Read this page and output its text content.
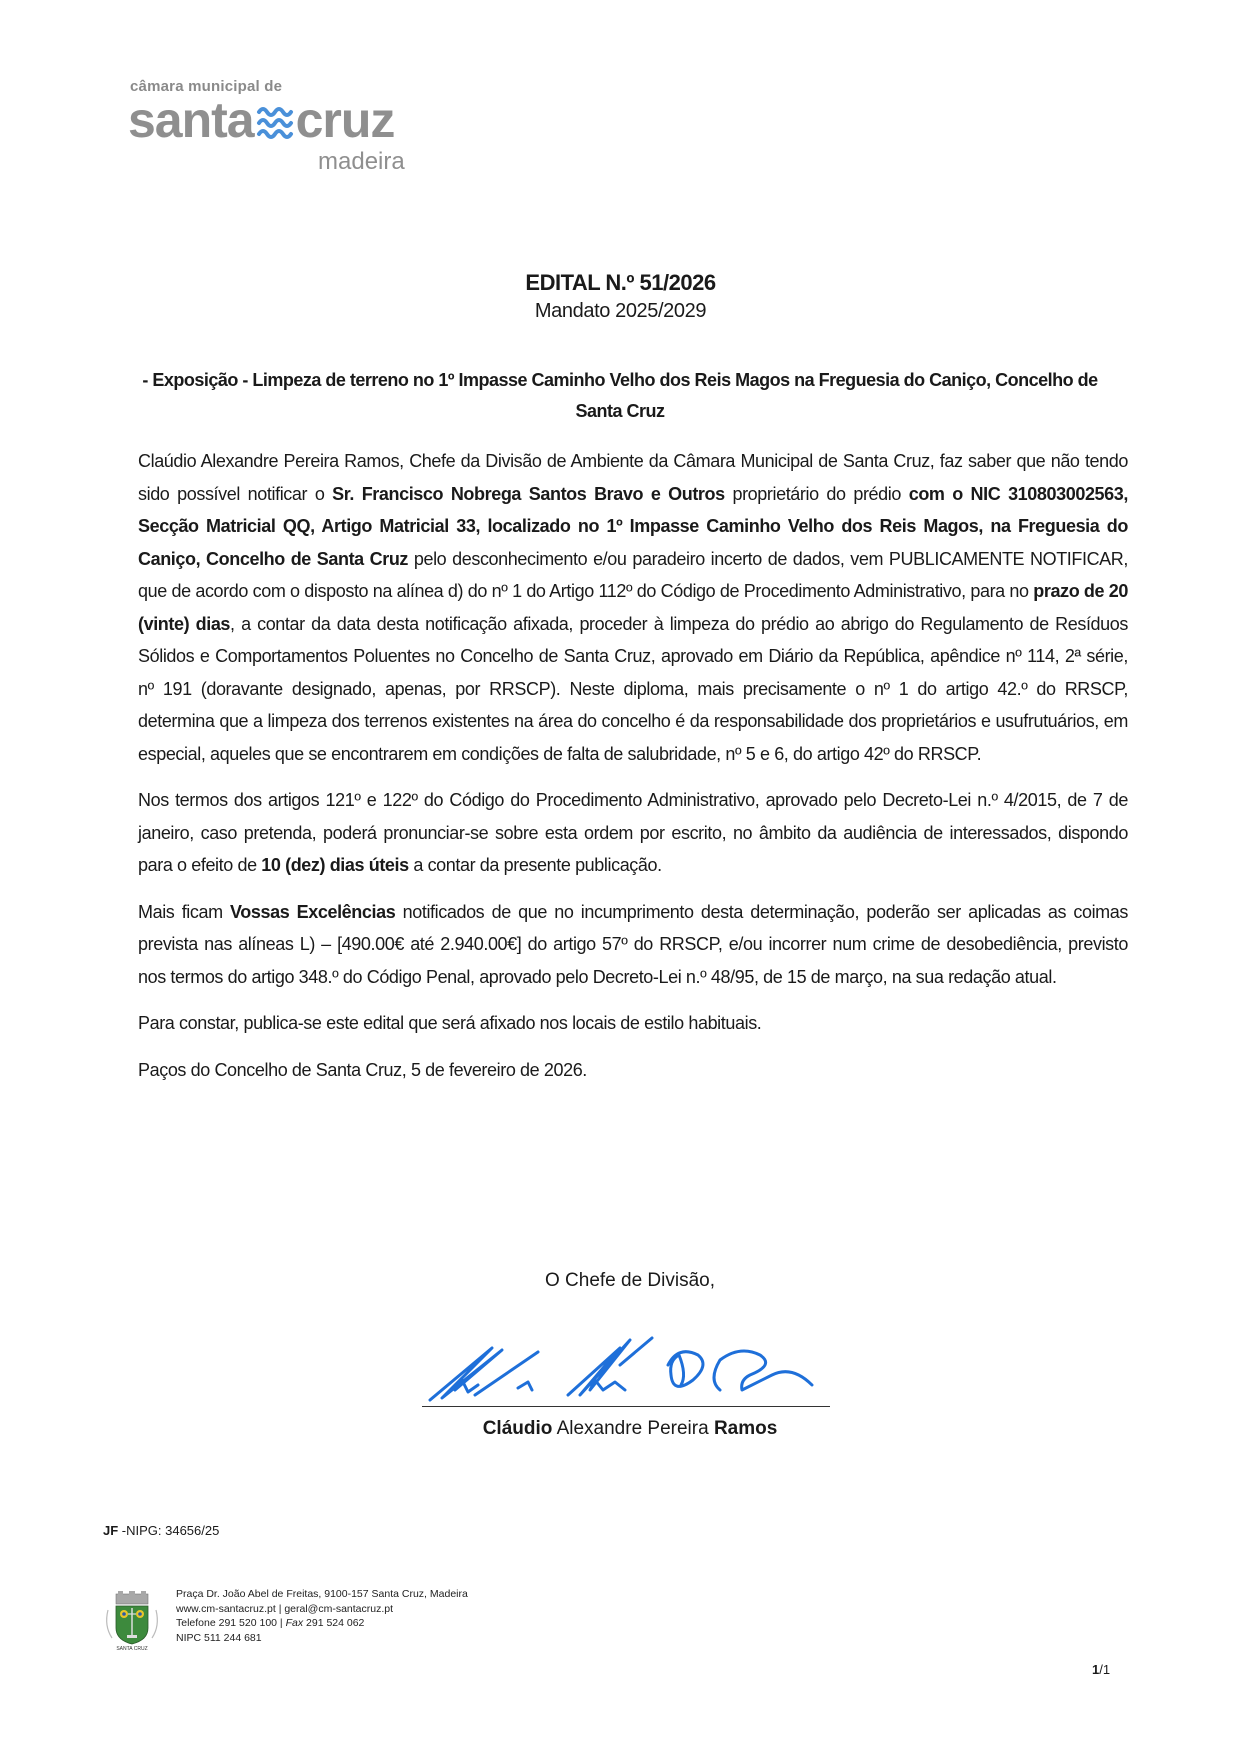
câmara municipal de
santa cruz
madeira
EDITAL N.º 51/2026
Mandato 2025/2029
- Exposição - Limpeza de terreno no 1º Impasse Caminho Velho dos Reis Magos na Freguesia do Caniço, Concelho de Santa Cruz

Claúdio Alexandre Pereira Ramos, Chefe da Divisão de Ambiente da Câmara Municipal de Santa Cruz, faz saber que não tendo sido possível notificar o Sr. Francisco Nobrega Santos Bravo e Outros proprietário do prédio com o NIC 310803002563, Secção Matricial QQ, Artigo Matricial 33, localizado no 1º Impasse Caminho Velho dos Reis Magos, na Freguesia do Caniço, Concelho de Santa Cruz pelo desconhecimento e/ou paradeiro incerto de dados, vem PUBLICAMENTE NOTIFICAR, que de acordo com o disposto na alínea d) do nº 1 do Artigo 112º do Código de Procedimento Administrativo, para no prazo de 20 (vinte) dias, a contar da data desta notificação afixada, proceder à limpeza do prédio ao abrigo do Regulamento de Resíduos Sólidos e Comportamentos Poluentes no Concelho de Santa Cruz, aprovado em Diário da República, apêndice nº 114, 2ª série, nº 191 (doravante designado, apenas, por RRSCP). Neste diploma, mais precisamente o nº 1 do artigo 42.º do RRSCP, determina que a limpeza dos terrenos existentes na área do concelho é da responsabilidade dos proprietários e usufrutuários, em especial, aqueles que se encontrarem em condições de falta de salubridade, nº 5 e 6, do artigo 42º do RRSCP.

Nos termos dos artigos 121º e 122º do Código do Procedimento Administrativo, aprovado pelo Decreto-Lei n.º 4/2015, de 7 de janeiro, caso pretenda, poderá pronunciar-se sobre esta ordem por escrito, no âmbito da audiência de interessados, dispondo para o efeito de 10 (dez) dias úteis a contar da presente publicação.

Mais ficam Vossas Excelências notificados de que no incumprimento desta determinação, poderão ser aplicadas as coimas prevista nas alíneas L) – [490.00€ até 2.940.00€] do artigo 57º do RRSCP, e/ou incorrer num crime de desobediência, previsto nos termos do artigo 348.º do Código Penal, aprovado pelo Decreto-Lei n.º 48/95, de 15 de março, na sua redação atual.

Para constar, publica-se este edital que será afixado nos locais de estilo habituais.

Paços do Concelho de Santa Cruz, 5 de fevereiro de 2026.

O Chefe de Divisão,
Cláudio Alexandre Pereira Ramos
JF -NIPG: 34656/25
SANTA CRUZ
Praça Dr. João Abel de Freitas, 9100-157 Santa Cruz, Madeira
www.cm-santacruz.pt | geral@cm-santacruz.pt
Telefone 291 520 100 | Fax 291 524 062
NIPC 511 244 681
1/1
